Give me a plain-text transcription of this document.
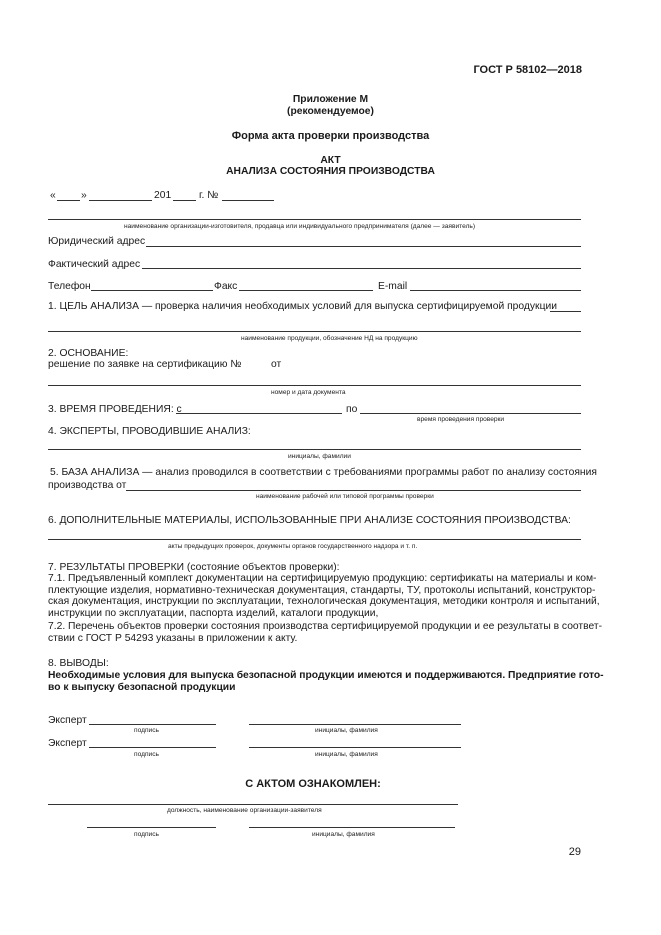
ГОСТ Р 58102—2018
Приложение М
(рекомендуемое)
Форма акта проверки производства
АКТ
АНАЛИЗА СОСТОЯНИЯ ПРОИЗВОДСТВА
« »	201	г. №
наименование организации-изготовителя, продавца или индивидуального предпринимателя (далее — заявитель)
Юридический адрес
Фактический адрес
Телефон	Факс	E-mail
1. ЦЕЛЬ АНАЛИЗА — проверка наличия необходимых условий для выпуска сертифицируемой продукции
наименование продукции, обозначение НД на продукцию
2. ОСНОВАНИЕ:
решение по заявке на сертификацию №	от
номер и дата документа
3. ВРЕМЯ ПРОВЕДЕНИЯ: с	по
время проведения проверки
4. ЭКСПЕРТЫ, ПРОВОДИВШИЕ АНАЛИЗ:
инициалы, фамилии
5. БАЗА АНАЛИЗА — анализ проводился в соответствии с требованиями программы работ по анализу состояния
производства от
наименование рабочей или типовой программы проверки
6. ДОПОЛНИТЕЛЬНЫЕ МАТЕРИАЛЫ, ИСПОЛЬЗОВАННЫЕ ПРИ АНАЛИЗЕ СОСТОЯНИЯ ПРОИЗВОДСТВА:
акты предыдущих проверок, документы органов государственного надзора и т. п.
7. РЕЗУЛЬТАТЫ ПРОВЕРКИ (состояние объектов проверки):
7.1. Предъявленный комплект документации на сертифицируемую продукцию: сертификаты на материалы и ком-
плектующие изделия, нормативно-техническая документация, стандарты, ТУ, протоколы испытаний, конструктор-
ская документация, инструкции по эксплуатации, технологическая документация, методики контроля и испытаний,
инструкции по эксплуатации, паспорта изделий, каталоги продукции,
7.2. Перечень объектов проверки состояния производства сертифицируемой продукции и ее результаты в соответ-
ствии с ГОСТ Р 54293 указаны в приложении к акту.
8. ВЫВОДЫ:
Необходимые условия для выпуска безопасной продукции имеются и поддерживаются. Предприятие гото-
во к выпуску безопасной продукции
Эксперт
подпись	инициалы, фамилия
Эксперт
подпись	инициалы, фамилия
С АКТОМ ОЗНАКОМЛЕН:
должность, наименование организации-заявителя
подпись	инициалы, фамилия
29
